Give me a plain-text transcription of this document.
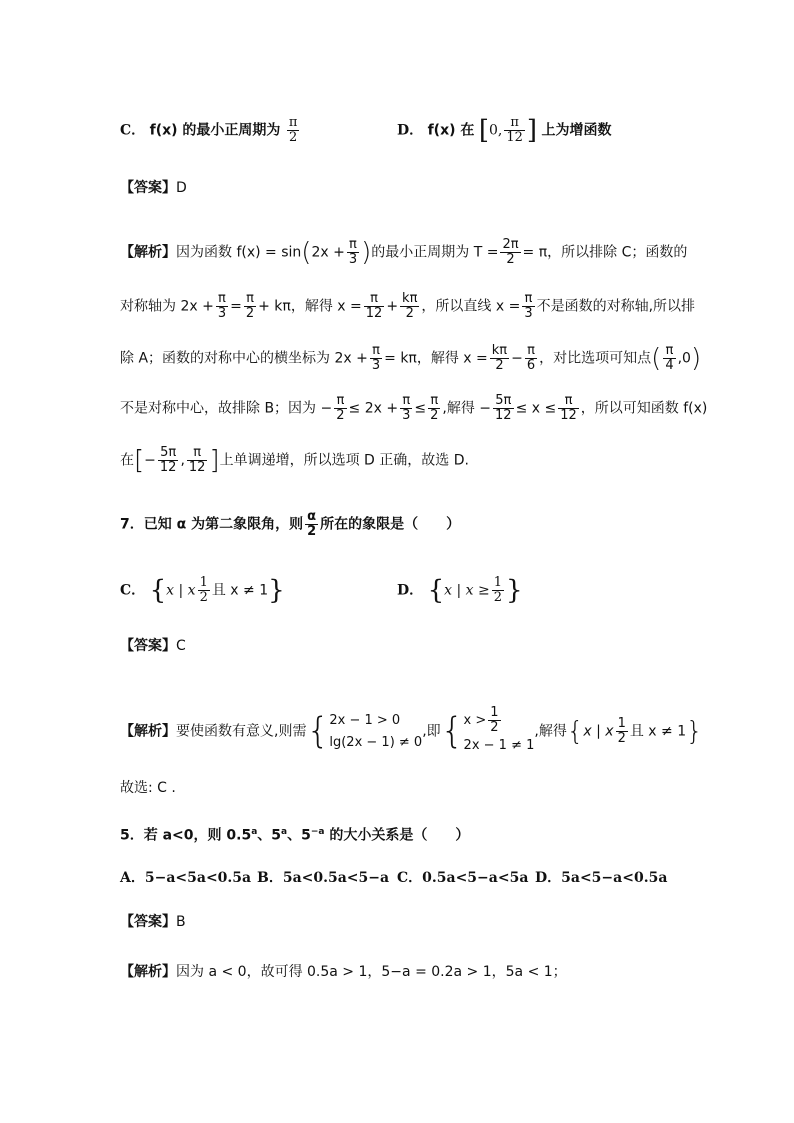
C． f(x) 的最小正周期为 $\frac{\pi}{2}$	D． f(x) 在 [0, $\frac{\pi}{12}$ ] 上为增函数
【答案】D
【解析】因为函数 $f(x) = \sin(2x + \frac{\pi}{3}$ )的最小正周期为 $T = \frac{2\pi}{2} = \pi$，所以排除 C；函数的
对称轴为 $2x + \frac{\pi}{3} = \frac{\pi}{2} + k\pi$，解得 $x = \frac{\pi}{12} + \frac{k\pi}{2}$ ，所以直线 $x = \frac{\pi}{3}$ 不是函数的对称轴,所以排
除 A；函数的对称中心的横坐标为 $2x + \frac{\pi}{3} = k\pi$，解得 $x = \frac{k\pi}{2} - \frac{\pi}{6}$ ，对比选项可知点( $\frac{\pi}{4} ,0$)
不是对称中心，故排除 B；因为 − $\frac{\pi}{2} \le 2x + \frac{\pi}{3} \le \frac{\pi}{2}$ ,解得 − $\frac{5\pi}{12} \le x \le \frac{\pi}{12}$ ，所以可知函数 f(x)
在[− $\frac{5\pi}{12}$ , $\frac{\pi}{12}$ ]上单调递增，所以选项 D 正确，故选 D.
7．已知 α 为第二象限角，则 $\frac{\alpha}{2}$ 所在的象限是（　　）
C． {x | x $\frac{1}{2}$ 且 x ≠ 1}	D． {x | $x \ge \frac{1}{2}$ }
【答案】C
【解析】要使函数有意义,则需{ 2x − 1 > 0
lg(2x − 1) ≠ 0
,即{ $x > \frac{1}{2}$
2x − 1 ≠ 1
,解得{x | x $\frac{1}{2}$ 且 x ≠ 1}
故选: C .
5．若 a<0，则 0.5$^a$、5$^a$、$5^{-a}$ 的大小关系是（　　）
A．5−a<5a<0.5a B．5a<0.5a<5−a C．0.5a<5−a<5a D．5a<5−a<0.5a
【答案】B
【解析】因为 a < 0，故可得 0.5a > 1，5−a = 0.2a > 1，5a < 1；
